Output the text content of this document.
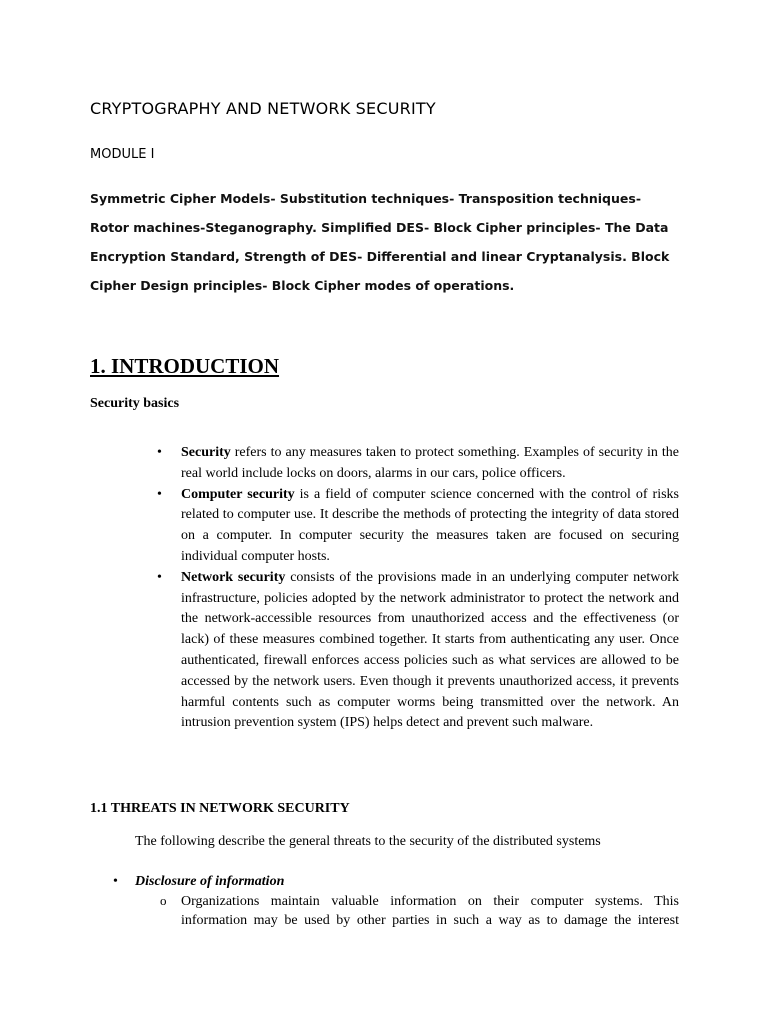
CRYPTOGRAPHY AND NETWORK SECURITY
MODULE I
Symmetric Cipher Models- Substitution techniques- Transposition techniques-
Rotor machines-Steganography. Simplified DES- Block Cipher principles- The Data
Encryption Standard, Strength of DES- Differential and linear Cryptanalysis. Block
Cipher Design principles- Block Cipher modes of operations.
1. INTRODUCTION
Security basics
• Security refers to any measures taken to protect something. Examples of security in the real world include locks on doors, alarms in our cars, police officers.
• Computer security is a field of computer science concerned with the control of risks related to computer use. It describe the methods of protecting the integrity of data stored on a computer. In computer security the measures taken are focused on securing individual computer hosts.
• Network security consists of the provisions made in an underlying computer network infrastructure, policies adopted by the network administrator to protect the network and the network-accessible resources from unauthorized access and the effectiveness (or lack) of these measures combined together. It starts from authenticating any user. Once authenticated, firewall enforces access policies such as what services are allowed to be accessed by the network users. Even though it prevents unauthorized access, it prevents harmful contents such as computer worms being transmitted over the network. An intrusion prevention system (IPS) helps detect and prevent such malware.
1.1 THREATS IN NETWORK SECURITY
The following describe the general threats to the security of the distributed systems
• Disclosure of information
o Organizations maintain valuable information on their computer systems. This
information may be used by other parties in such a way as to damage the interest
